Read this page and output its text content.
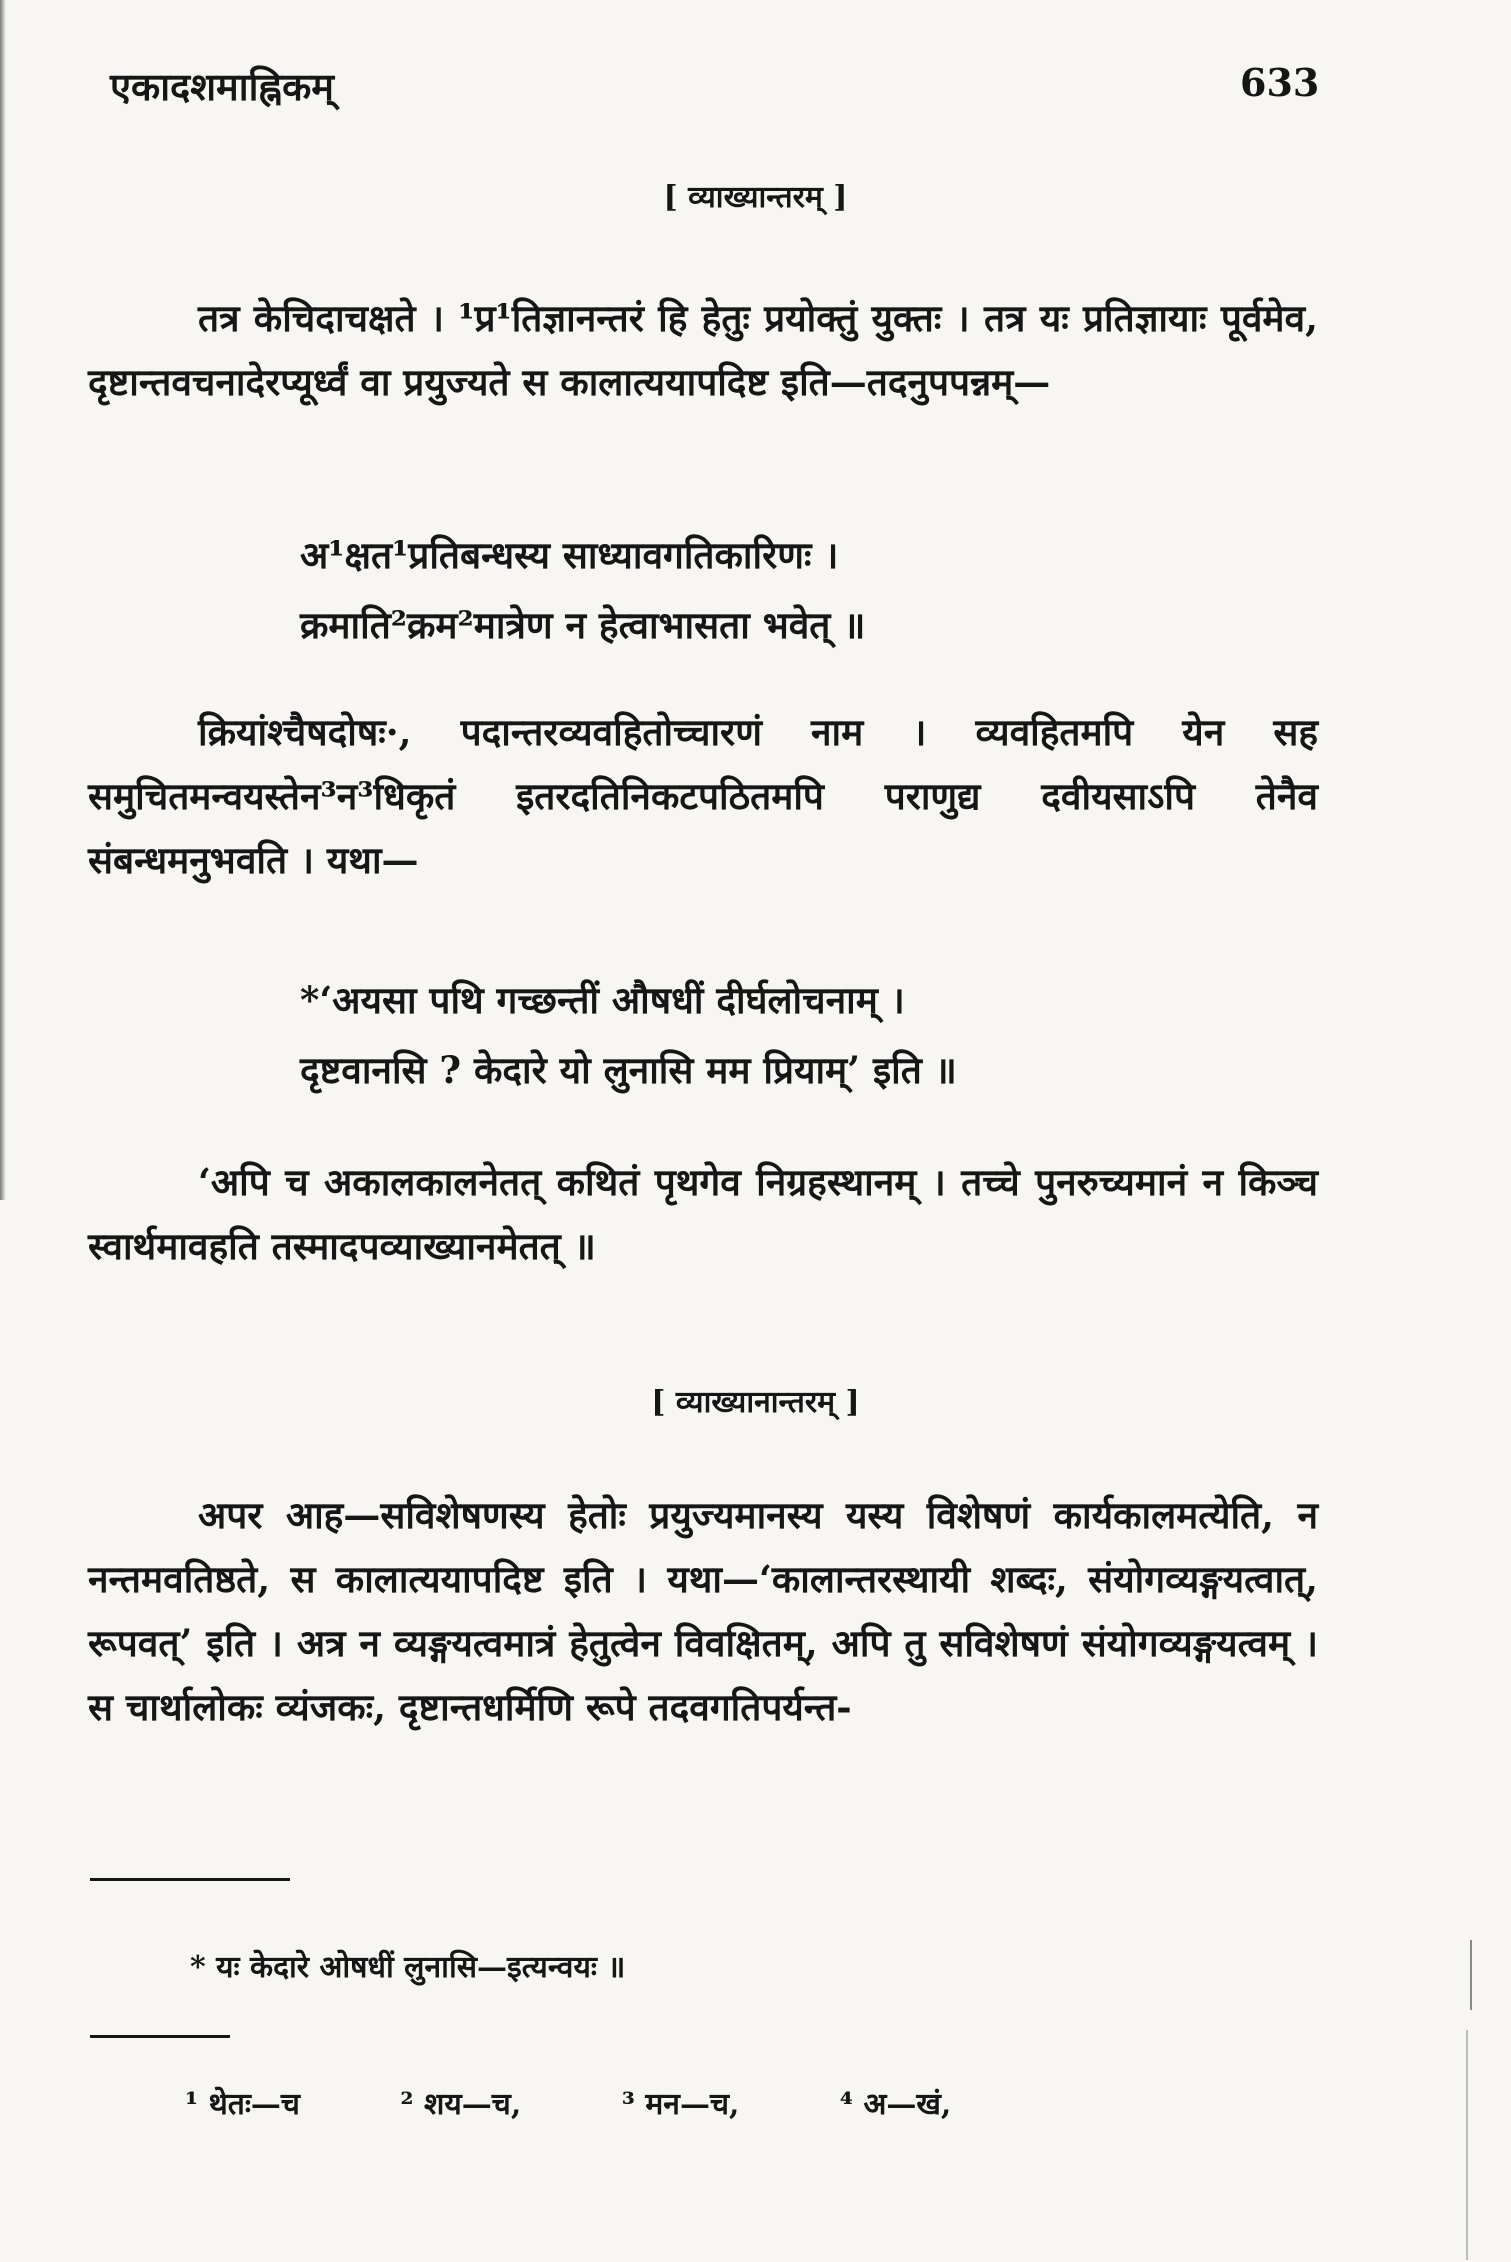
एकादशमाह्निकम्	633
[ व्याख्यान्तरम् ]

तत्र केचिदाचक्षते । ¹प्र¹तिज्ञानन्तरं हि हेतुः प्रयोक्तुं युक्तः । तत्र यः प्रतिज्ञायाः पूर्वमेव, दृष्टान्तवचनादेरप्यूर्ध्वं वा प्रयुज्यते स कालात्ययापदिष्ट इति—तदनुपपन्नम्—

अ¹क्षत¹प्रतिबन्धस्य साध्यावगतिकारिणः ।
क्रमाति²क्रम²मात्रेण न हेत्वाभासता भवेत् ॥

क्रियांश्चैषदोषः·, पदान्तरव्यवहितोच्चारणं नाम । व्यवहितमपि येन सह समुचितमन्वयस्तेन³न³धिकृतं इतरदतिनिकटपठितमपि पराणुद्य दवीयसाऽपि तेनैव संबन्धमनुभवति । यथा—

*‘अयसा पथि गच्छन्तीं औषधीं दीर्घलोचनाम् ।
दृष्टवानसि ? केदारे यो लुनासि मम प्रियाम्’ इति ॥

‘अपि च अकालकालनेतत् कथितं पृथगेव निग्रहस्थानम् । तच्चे पुनरुच्यमानं न किञ्च स्वार्थमावहति तस्मादपव्याख्यानमेतत् ॥

[ व्याख्यानान्तरम् ]

अपर आह—सविशेषणस्य हेतोः प्रयुज्यमानस्य यस्य विशेषणं कार्यकालमत्येति, न नन्तमवतिष्ठते, स कालात्ययापदिष्ट इति । यथा—‘कालान्तरस्थायी शब्दः, संयोगव्यङ्गयत्वात्, रूपवत्’ इति । अत्र न व्यङ्गयत्वमात्रं हेतुत्वेन विवक्षितम्, अपि तु सविशेषणं संयोगव्यङ्गयत्वम् । स चार्थालोकः व्यंजकः, दृष्टान्तधर्मिणि रूपे तदवगतिपर्यन्त-

* यः केदारे ओषधीं लुनासि—इत्यन्वयः ॥
¹ थेतः—च	² शय—च,	³ मन—च,	⁴ अ—खं,
